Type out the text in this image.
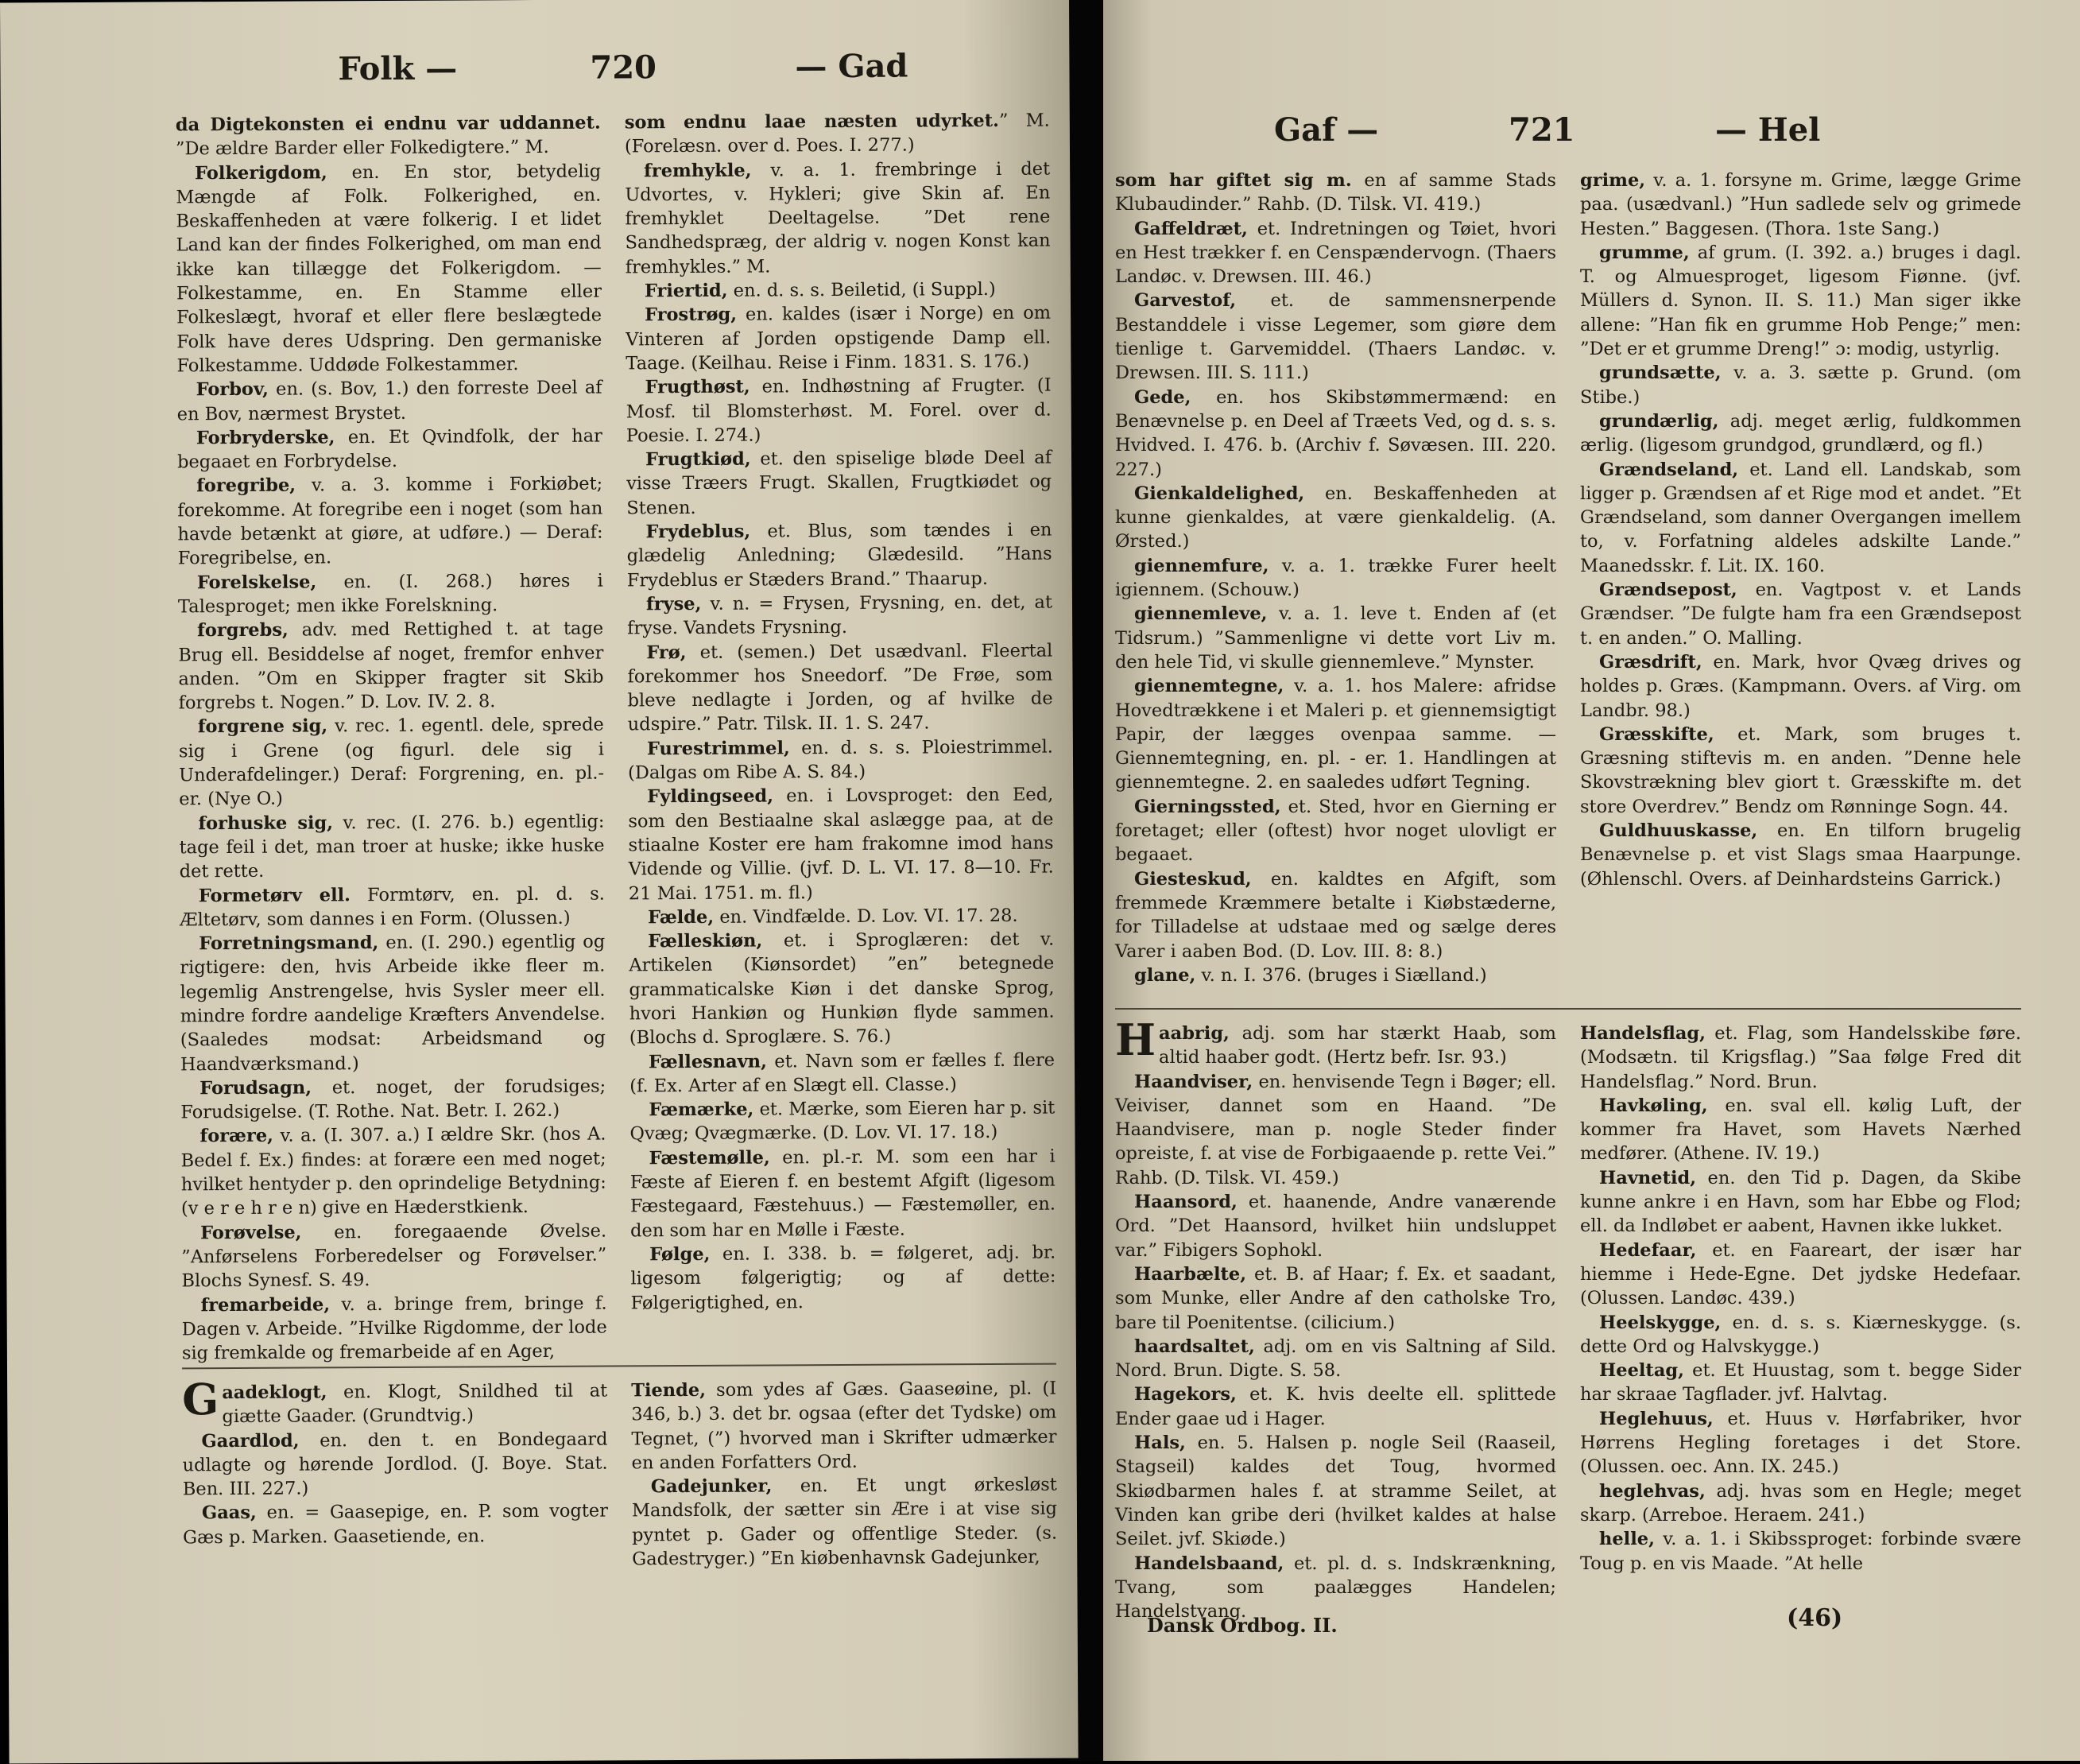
Folk —	720	— Gad

da Digtekonsten ei endnu var uddannet. ”De ældre Barder eller Folkedigtere.” M.

Folkerigdom, en. En stor, betydelig Mængde af Folk. Folkerighed, en. Beskaffenheden at være folkerig. I et lidet Land kan der findes Folkerighed, om man end ikke kan tillægge det Folkerigdom. — Folkestamme, en. En Stamme eller Folkeslægt, hvoraf et eller flere beslægtede Folk have deres Udspring. Den germaniske Folkestamme. Uddøde Folkestammer.

Forbov, en. (s. Bov, 1.) den forreste Deel af en Bov, nærmest Brystet.

Forbryderske, en. Et Qvindfolk, der har begaaet en Forbrydelse.

foregribe, v. a. 3. komme i Forkiøbet; forekomme. At foregribe een i noget (som han havde betænkt at giøre, at udføre.) — Deraf: Foregribelse, en.

Forelskelse, en. (I. 268.) høres i Talesproget; men ikke Forelskning.

forgrebs, adv. med Rettighed t. at tage Brug ell. Besiddelse af noget, fremfor enhver anden. ”Om en Skipper fragter sit Skib forgrebs t. Nogen.” D. Lov. IV. 2. 8.

forgrene sig, v. rec. 1. egentl. dele, sprede sig i Grene (og figurl. dele sig i Underafdelinger.) Deraf: Forgrening, en. pl.-er. (Nye O.)

forhuske sig, v. rec. (I. 276. b.) egentlig: tage feil i det, man troer at huske; ikke huske det rette.

Formetørv ell. Formtørv, en. pl. d. s. Æltetørv, som dannes i en Form. (Olussen.)

Forretningsmand, en. (I. 290.) egentlig og rigtigere: den, hvis Arbeide ikke fleer m. legemlig Anstrengelse, hvis Sysler meer ell. mindre fordre aandelige Kræfters Anvendelse. (Saaledes modsat: Arbeidsmand og Haandværksmand.)

Forudsagn, et. noget, der forudsiges; Forudsigelse. (T. Rothe. Nat. Betr. I. 262.)

forære, v. a. (I. 307. a.) I ældre Skr. (hos A. Bedel f. Ex.) findes: at forære een med noget; hvilket hentyder p. den oprindelige Betydning: (v e r e h r e n) give en Hæderstkienk.

Forøvelse, en. foregaaende Øvelse. ”Anførselens Forberedelser og Forøvelser.” Blochs Synesf. S. 49.

fremarbeide, v. a. bringe frem, bringe f. Dagen v. Arbeide. ”Hvilke Rigdomme, der lode sig fremkalde og fremarbeide af en Ager,

som endnu laae næsten udyrket.” M. (Forelæsn. over d. Poes. I. 277.)

fremhykle, v. a. 1. frembringe i det Udvortes, v. Hykleri; give Skin af. En fremhyklet Deeltagelse. ”Det rene Sandhedspræg, der aldrig v. nogen Konst kan fremhykles.” M.

Friertid, en. d. s. s. Beiletid, (i Suppl.)

Frostrøg, en. kaldes (især i Norge) en om Vinteren af Jorden opstigende Damp ell. Taage. (Keilhau. Reise i Finm. 1831. S. 176.)

Frugthøst, en. Indhøstning af Frugter. (I Mosf. til Blomsterhøst. M. Forel. over d. Poesie. I. 274.)

Frugtkiød, et. den spiselige bløde Deel af visse Træers Frugt. Skallen, Frugtkiødet og Stenen.

Frydeblus, et. Blus, som tændes i en glædelig Anledning; Glædesild. ”Hans Frydeblus er Stæders Brand.” Thaarup.

fryse, v. n. = Frysen, Frysning, en. det, at fryse. Vandets Frysning.

Frø, et. (semen.) Det usædvanl. Fleertal forekommer hos Sneedorf. ”De Frøe, som bleve nedlagte i Jorden, og af hvilke de udspire.” Patr. Tilsk. II. 1. S. 247.

Furestrimmel, en. d. s. s. Ploiestrimmel. (Dalgas om Ribe A. S. 84.)

Fyldingseed, en. i Lovsproget: den Eed, som den Bestiaalne skal aslægge paa, at de stiaalne Koster ere ham frakomne imod hans Vidende og Villie. (jvf. D. L. VI. 17. 8—10. Fr. 21 Mai. 1751. m. fl.)

Fælde, en. Vindfælde. D. Lov. VI. 17. 28.

Fælleskiøn, et. i Sproglæren: det v. Artikelen (Kiønsordet) ”en” betegnede grammaticalske Kiøn i det danske Sprog, hvori Hankiøn og Hunkiøn flyde sammen. (Blochs d. Sproglære. S. 76.)

Fællesnavn, et. Navn som er fælles f. flere (f. Ex. Arter af en Slægt ell. Classe.)

Fæmærke, et. Mærke, som Eieren har p. sit Qvæg; Qvægmærke. (D. Lov. VI. 17. 18.)

Fæstemølle, en. pl.-r. M. som een har i Fæste af Eieren f. en bestemt Afgift (ligesom Fæstegaard, Fæstehuus.) — Fæstemøller, en. den som har en Mølle i Fæste.

Følge, en. I. 338. b. = følgeret, adj. br. ligesom følgerigtig; og af dette: Følgerigtighed, en.

Gaadeklogt, en. Klogt, Snildhed til at giætte Gaader. (Grundtvig.)

Gaardlod, en. den t. en Bondegaard udlagte og hørende Jordlod. (J. Boye. Stat. Ben. III. 227.)

Gaas, en. = Gaasepige, en. P. som vogter Gæs p. Marken. Gaasetiende, en.

Tiende, som ydes af Gæs. Gaaseøine, pl. (I 346, b.) 3. det br. ogsaa (efter det Tydske) om Tegnet, (”) hvorved man i Skrifter udmærker en anden Forfatters Ord.

Gadejunker, en. Et ungt ørkesløst Mandsfolk, der sætter sin Ære i at vise sig pyntet p. Gader og offentlige Steder. (s. Gadestryger.) ”En kiøbenhavnsk Gadejunker,

Gaf —	721	— Hel

som har giftet sig m. en af samme Stads Klubaudinder.” Rahb. (D. Tilsk. VI. 419.)

Gaffeldræt, et. Indretningen og Tøiet, hvori en Hest trækker f. en Censpændervogn. (Thaers Landøc. v. Drewsen. III. 46.)

Garvestof, et. de sammensnerpende Bestanddele i visse Legemer, som giøre dem tienlige t. Garvemiddel. (Thaers Landøc. v. Drewsen. III. S. 111.)

Gede, en. hos Skibstømmermænd: en Benævnelse p. en Deel af Træets Ved, og d. s. s. Hvidved. I. 476. b. (Archiv f. Søvæsen. III. 220. 227.)

Gienkaldelighed, en. Beskaffenheden at kunne gienkaldes, at være gienkaldelig. (A. Ørsted.)

giennemfure, v. a. 1. trække Furer heelt igiennem. (Schouw.)

giennemleve, v. a. 1. leve t. Enden af (et Tidsrum.) ”Sammenligne vi dette vort Liv m. den hele Tid, vi skulle giennemleve.” Mynster.

giennemtegne, v. a. 1. hos Malere: afridse Hovedtrækkene i et Maleri p. et giennemsigtigt Papir, der lægges ovenpaa samme. — Giennemtegning, en. pl. - er. 1. Handlingen at giennemtegne. 2. en saaledes udført Tegning.

Gierningssted, et. Sted, hvor en Gierning er foretaget; eller (oftest) hvor noget ulovligt er begaaet.

Giesteskud, en. kaldtes en Afgift, som fremmede Kræmmere betalte i Kiøbstæderne, for Tilladelse at udstaae med og sælge deres Varer i aaben Bod. (D. Lov. III. 8: 8.)

glane, v. n. I. 376. (bruges i Siælland.)

grime, v. a. 1. forsyne m. Grime, lægge Grime paa. (usædvanl.) ”Hun sadlede selv og grimede Hesten.” Baggesen. (Thora. 1ste Sang.)

grumme, af grum. (I. 392. a.) bruges i dagl. T. og Almuesproget, ligesom Fiønne. (jvf. Müllers d. Synon. II. S. 11.) Man siger ikke allene: ”Han fik en grumme Hob Penge;” men: ”Det er et grumme Dreng!” ɔ: modig, ustyrlig.

grundsætte, v. a. 3. sætte p. Grund. (om Stibe.)

grundærlig, adj. meget ærlig, fuldkommen ærlig. (ligesom grundgod, grundlærd, og fl.)

Grændseland, et. Land ell. Landskab, som ligger p. Grændsen af et Rige mod et andet. ”Et Grændseland, som danner Overgangen imellem to, v. Forfatning aldeles adskilte Lande.” Maanedsskr. f. Lit. IX. 160.

Grændsepost, en. Vagtpost v. et Lands Grændser. ”De fulgte ham fra een Grændsepost t. en anden.” O. Malling.

Græsdrift, en. Mark, hvor Qvæg drives og holdes p. Græs. (Kampmann. Overs. af Virg. om Landbr. 98.)

Græsskifte, et. Mark, som bruges t. Græsning stiftevis m. en anden. ”Denne hele Skovstrækning blev giort t. Græsskifte m. det store Overdrev.” Bendz om Rønninge Sogn. 44.

Guldhuuskasse, en. En tilforn brugelig Benævnelse p. et vist Slags smaa Haarpunge. (Øhlenschl. Overs. af Deinhardsteins Garrick.)

Haabrig, adj. som har stærkt Haab, som altid haaber godt. (Hertz befr. Isr. 93.)

Haandviser, en. henvisende Tegn i Bøger; ell. Veiviser, dannet som en Haand. ”De Haandvisere, man p. nogle Steder finder opreiste, f. at vise de Forbigaaende p. rette Vei.” Rahb. (D. Tilsk. VI. 459.)

Haansord, et. haanende, Andre vanærende Ord. ”Det Haansord, hvilket hiin undsluppet var.” Fibigers Sophokl.

Haarbælte, et. B. af Haar; f. Ex. et saadant, som Munke, eller Andre af den catholske Tro, bare til Poenitentse. (cilicium.)

haardsaltet, adj. om en vis Saltning af Sild. Nord. Brun. Digte. S. 58.

Hagekors, et. K. hvis deelte ell. splittede Ender gaae ud i Hager.

Hals, en. 5. Halsen p. nogle Seil (Raaseil, Stagseil) kaldes det Toug, hvormed Skiødbarmen hales f. at stramme Seilet, at Vinden kan gribe deri (hvilket kaldes at halse Seilet. jvf. Skiøde.)

Handelsbaand, et. pl. d. s. Indskrænkning, Tvang, som paalægges Handelen; Handelstvang.

Handelsflag, et. Flag, som Handelsskibe føre. (Modsætn. til Krigsflag.) ”Saa følge Fred dit Handelsflag.” Nord. Brun.

Havkøling, en. sval ell. kølig Luft, der kommer fra Havet, som Havets Nærhed medfører. (Athene. IV. 19.)

Havnetid, en. den Tid p. Dagen, da Skibe kunne ankre i en Havn, som har Ebbe og Flod; ell. da Indløbet er aabent, Havnen ikke lukket.

Hedefaar, et. en Faareart, der især har hiemme i Hede-Egne. Det jydske Hedefaar. (Olussen. Landøc. 439.)

Heelskygge, en. d. s. s. Kiærneskygge. (s. dette Ord og Halvskygge.)

Heeltag, et. Et Huustag, som t. begge Sider har skraae Tagflader. jvf. Halvtag.

Heglehuus, et. Huus v. Hørfabriker, hvor Hørrens Hegling foretages i det Store. (Olussen. oec. Ann. IX. 245.)

heglehvas, adj. hvas som en Hegle; meget skarp. (Arreboe. Heraem. 241.)

helle, v. a. 1. i Skibssproget: forbinde svære Toug p. en vis Maade. ”At helle

Dansk Ordbog. II.	(46)
